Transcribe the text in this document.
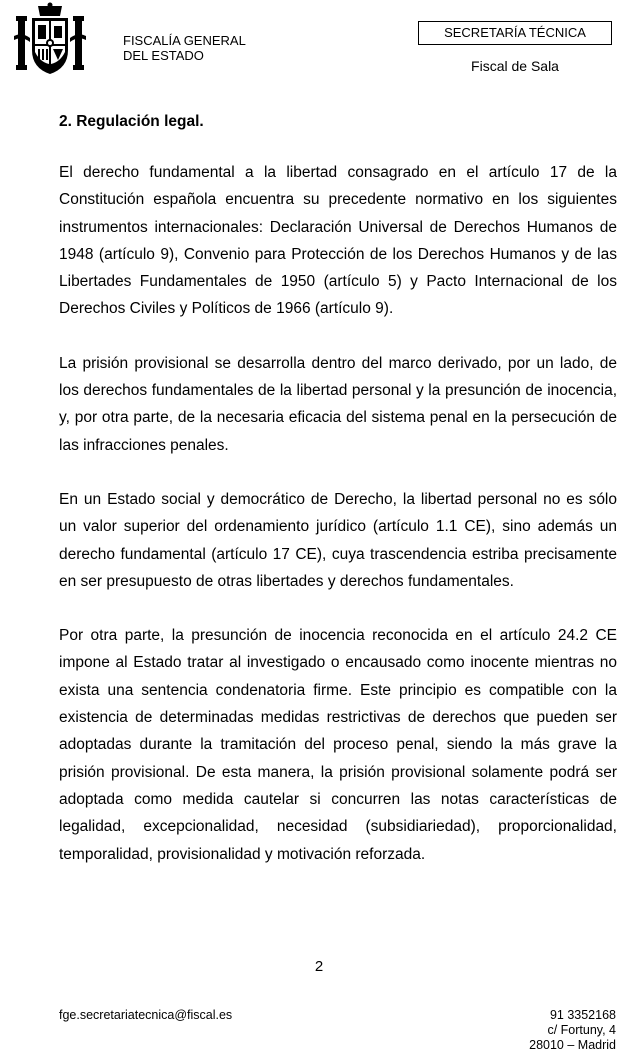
FISCALÍA GENERAL
DEL ESTADO
SECRETARÍA TÉCNICA
Fiscal de Sala
2. Regulación legal.

El derecho fundamental a la libertad consagrado en el artículo 17 de la Constitución española encuentra su precedente normativo en los siguientes instrumentos internacionales: Declaración Universal de Derechos Humanos de 1948 (artículo 9), Convenio para Protección de los Derechos Humanos y de las Libertades Fundamentales de 1950 (artículo 5) y Pacto Internacional de los Derechos Civiles y Políticos de 1966 (artículo 9).

La prisión provisional se desarrolla dentro del marco derivado, por un lado, de los derechos fundamentales de la libertad personal y la presunción de inocencia, y, por otra parte, de la necesaria eficacia del sistema penal en la persecución de las infracciones penales.

En un Estado social y democrático de Derecho, la libertad personal no es sólo un valor superior del ordenamiento jurídico (artículo 1.1 CE), sino además un derecho fundamental (artículo 17 CE), cuya trascendencia estriba precisamente en ser presupuesto de otras libertades y derechos fundamentales.

Por otra parte, la presunción de inocencia reconocida en el artículo 24.2 CE impone al Estado tratar al investigado o encausado como inocente mientras no exista una sentencia condenatoria firme. Este principio es compatible con la existencia de determinadas medidas restrictivas de derechos que pueden ser adoptadas durante la tramitación del proceso penal, siendo la más grave la prisión provisional. De esta manera, la prisión provisional solamente podrá ser adoptada como medida cautelar si concurren las notas características de legalidad, excepcionalidad, necesidad (subsidiariedad), proporcionalidad, temporalidad, provisionalidad y motivación reforzada.

2
fge.secretariatecnica@fiscal.es	91 3352168
c/ Fortuny, 4
28010 – Madrid
